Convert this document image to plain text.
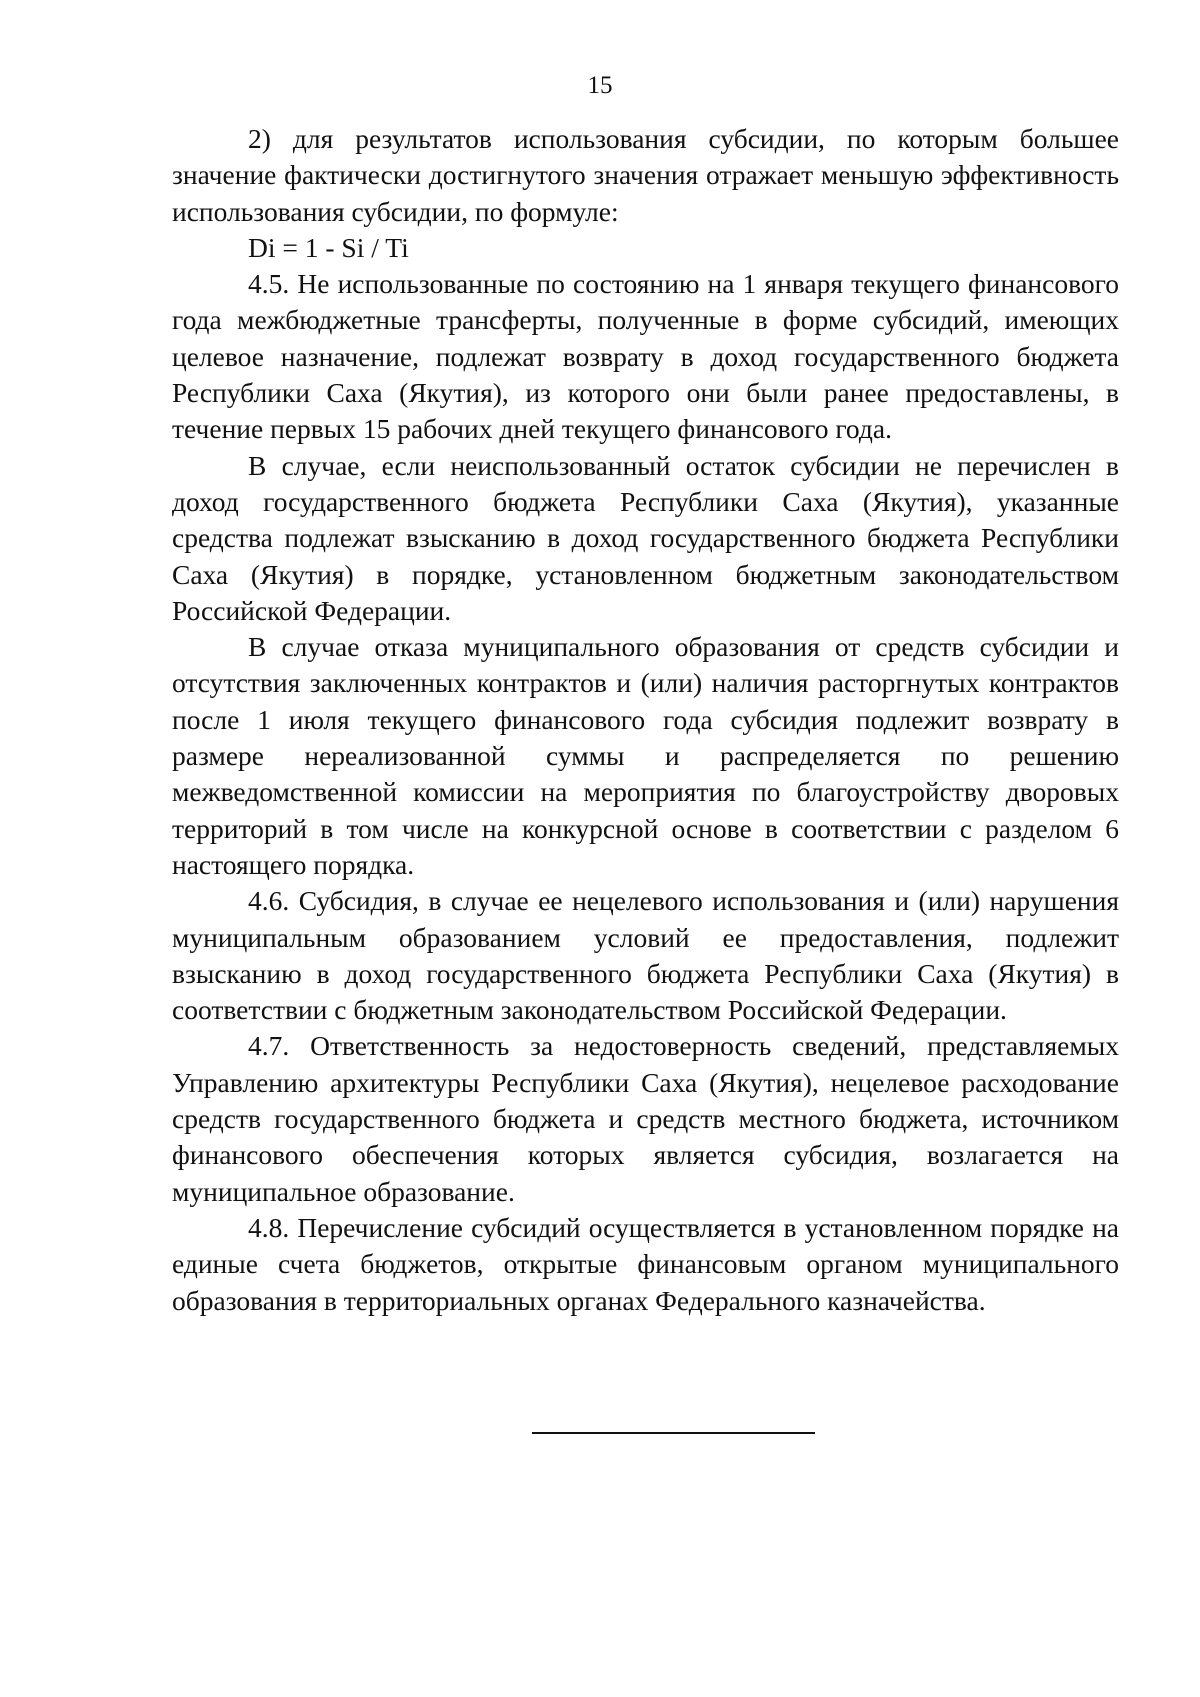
15

2) для результатов использования субсидии, по которым большее значение фактически достигнутого значения отражает меньшую эффективность использования субсидии, по формуле:

Di = 1 - Si / Ti

4.5. Не использованные по состоянию на 1 января текущего финансового года межбюджетные трансферты, полученные в форме субсидий, имеющих целевое назначение, подлежат возврату в доход государственного бюджета Республики Саха (Якутия), из которого они были ранее предоставлены, в течение первых 15 рабочих дней текущего финансового года.

В случае, если неиспользованный остаток субсидии не перечислен в доход государственного бюджета Республики Саха (Якутия), указанные средства подлежат взысканию в доход государственного бюджета Республики Саха (Якутия) в порядке, установленном бюджетным законодательством Российской Федерации.

В случае отказа муниципального образования от средств субсидии и отсутствия заключенных контрактов и (или) наличия расторгнутых контрактов после 1 июля текущего финансового года субсидия подлежит возврату в размере нереализованной суммы и распределяется по решению межведомственной комиссии на мероприятия по благоустройству дворовых территорий в том числе на конкурсной основе в соответствии с разделом 6 настоящего порядка.

4.6. Субсидия, в случае ее нецелевого использования и (или) нарушения муниципальным образованием условий ее предоставления, подлежит взысканию в доход государственного бюджета Республики Саха (Якутия) в соответствии с бюджетным законодательством Российской Федерации.

4.7. Ответственность за недостоверность сведений, представляемых Управлению архитектуры Республики Саха (Якутия), нецелевое расходование средств государственного бюджета и средств местного бюджета, источником финансового обеспечения которых является субсидия, возлагается на муниципальное образование.

4.8. Перечисление субсидий осуществляется в установленном порядке на единые счета бюджетов, открытые финансовым органом муниципального образования в территориальных органах Федерального казначейства.
